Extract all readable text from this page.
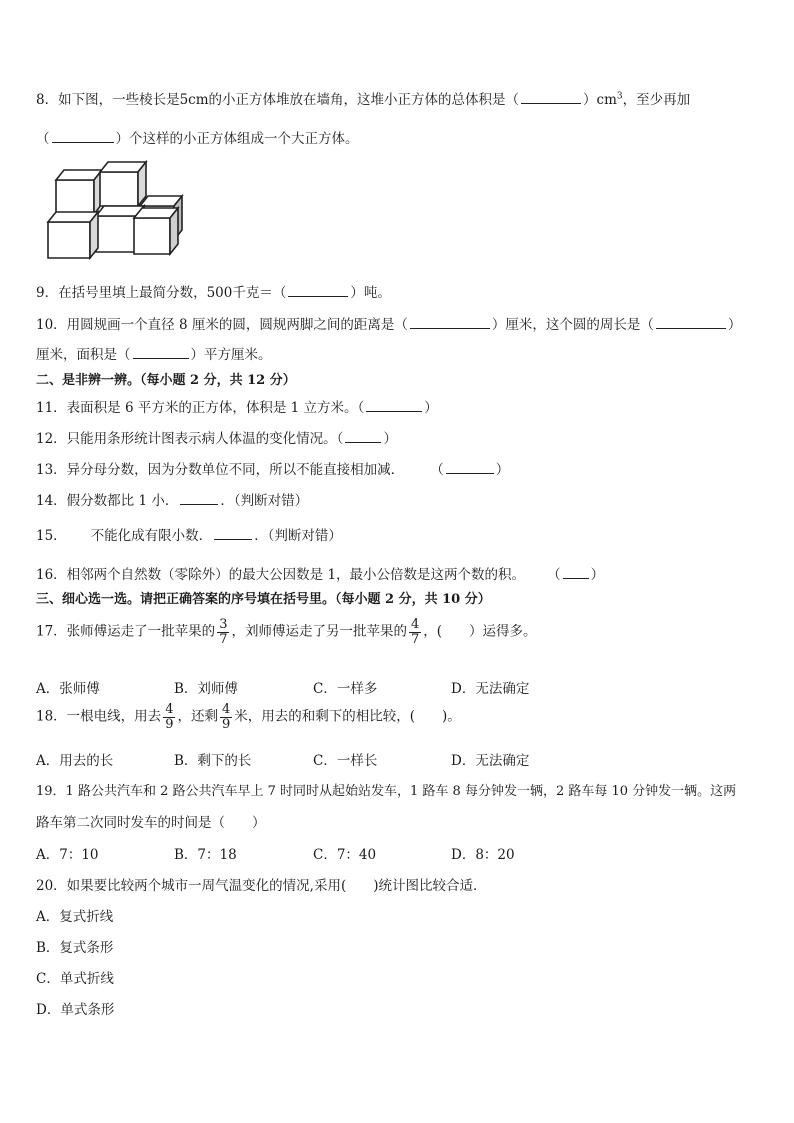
8．如下图，一些棱长是5cm的小正方体堆放在墙角，这堆小正方体的总体积是（	）$cm^3$，至少再加
（	）个这样的小正方体组成一个大正方体。
9．在括号里填上最简分数，500千克＝（	）吨。
10．用圆规画一个直径 8 厘米的圆，圆规两脚之间的距离是（	）厘米，这个圆的周长是（	）
厘米，面积是（	）平方厘米。
二、是非辨一辨。（每小题 2 分，共 12 分）
11．表面积是 6 平方米的正方体，体积是 1 立方米。（	）
12．只能用条形统计图表示病人体温的变化情况。（	）
13．异分母分数，因为分数单位不同，所以不能直接相加减． （	）
14．假分数都比 1 小．	．（判断对错）
15． 不能化成有限小数．	．（判断对错）
16．相邻两个自然数（零除外）的最大公因数是 1，最小公倍数是这两个数的积。 （ ）
三、细心选一选。请把正确答案的序号填在括号里。（每小题 2 分，共 10 分）
17．张师傅运走了一批苹果的 $\frac{3}{7}$ ，刘师傅运走了另一批苹果的 $\frac{4}{7}$ ，(　　）运得多。
A．张师傅	B．刘师傅	C．一样多	D．无法确定
18．一根电线，用去 $\frac{4}{9}$ ，还剩 $\frac{4}{9}$ 米，用去的和剩下的相比较，(　　)。
A．用去的长	B．剩下的长	C．一样长	D．无法确定
19．1 路公共汽车和 2 路公共汽车早上 7 时同时从起始站发车，1 路车 8 每分钟发一辆，2 路车每 10 分钟发一辆。这两
路车第二次同时发车的时间是（　　）
A．7：10	B．7：18	C．7：40	D．8：20
20．如果要比较两个城市一周气温变化的情况,采用(　　)统计图比较合适．
A．复式折线
B．复式条形
C．单式折线
D．单式条形
